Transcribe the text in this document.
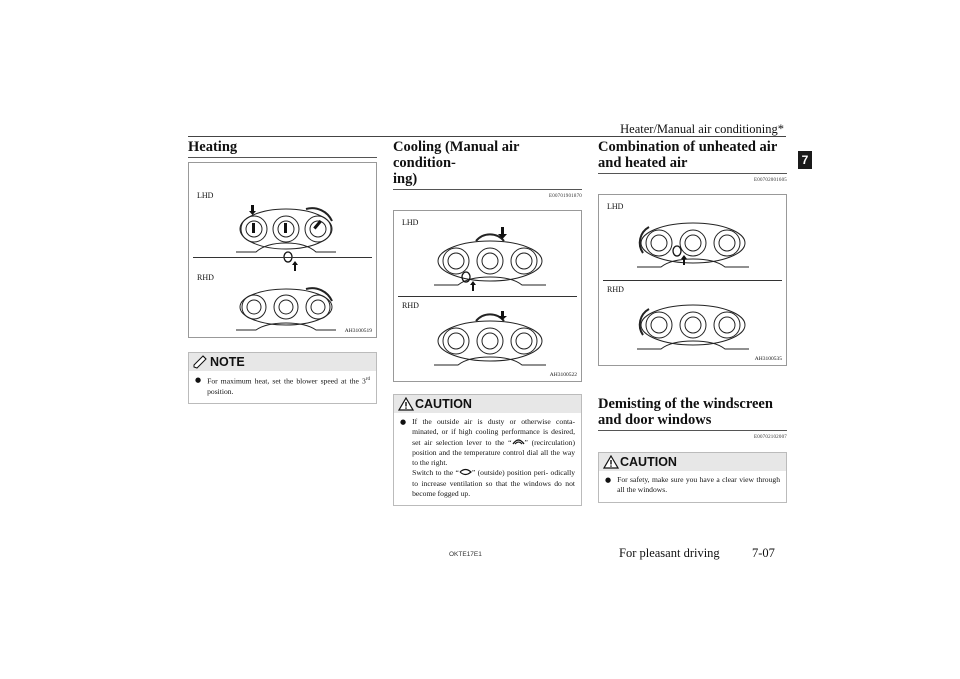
Heater/Manual air conditioning*
7
Heating
LHD
RHD
AH3100519
NOTE
● For maximum heat, set the blower speed at the 3rd position.

Cooling (Manual air condition-
ing)
E00701901870
LHD
RHD
AH3100522
CAUTION
● If the outside air is dusty or otherwise conta- minated, or if high cooling performance is desired, set air selection lever to the “ ” (recirculation) position and the temperature control dial all the way to the right.

Switch to the “ ” (outside) position peri- odically to increase ventilation so that the windows do not become fogged up.

Combination of unheated air
and heated air
E00702001605
LHD
RHD
AH3100535
Demisting of the windscreen
and door windows
E00702102007
CAUTION
● For safety, make sure you have a clear view through all the windows.

OKTE17E1	For pleasant driving	7-07
